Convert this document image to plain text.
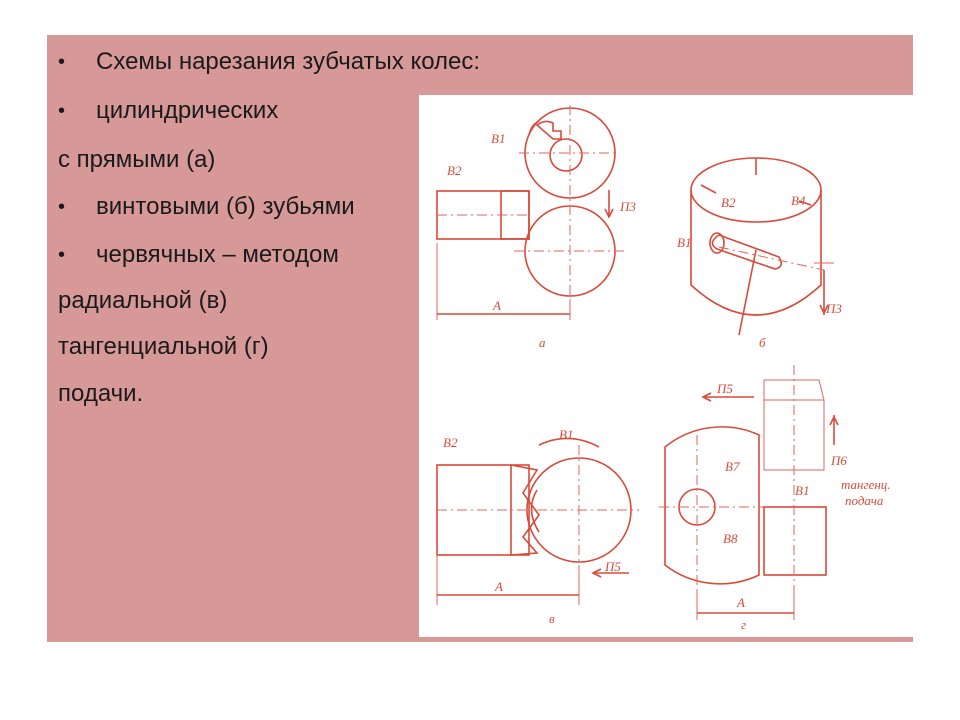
• Схемы нарезания зубчатых колес:
• цилиндрических
с прямыми (а)
• винтовыми (б) зубьями
• червячных – методом
радиальной (в)
тангенциальной (г)
подачи.
B1
B2
П3
A
а
B2	B4
B1
П3
б
B2
B1
П5
A
в
П5
B7
B8
П6
B1 тангенц.
подача
A
г
